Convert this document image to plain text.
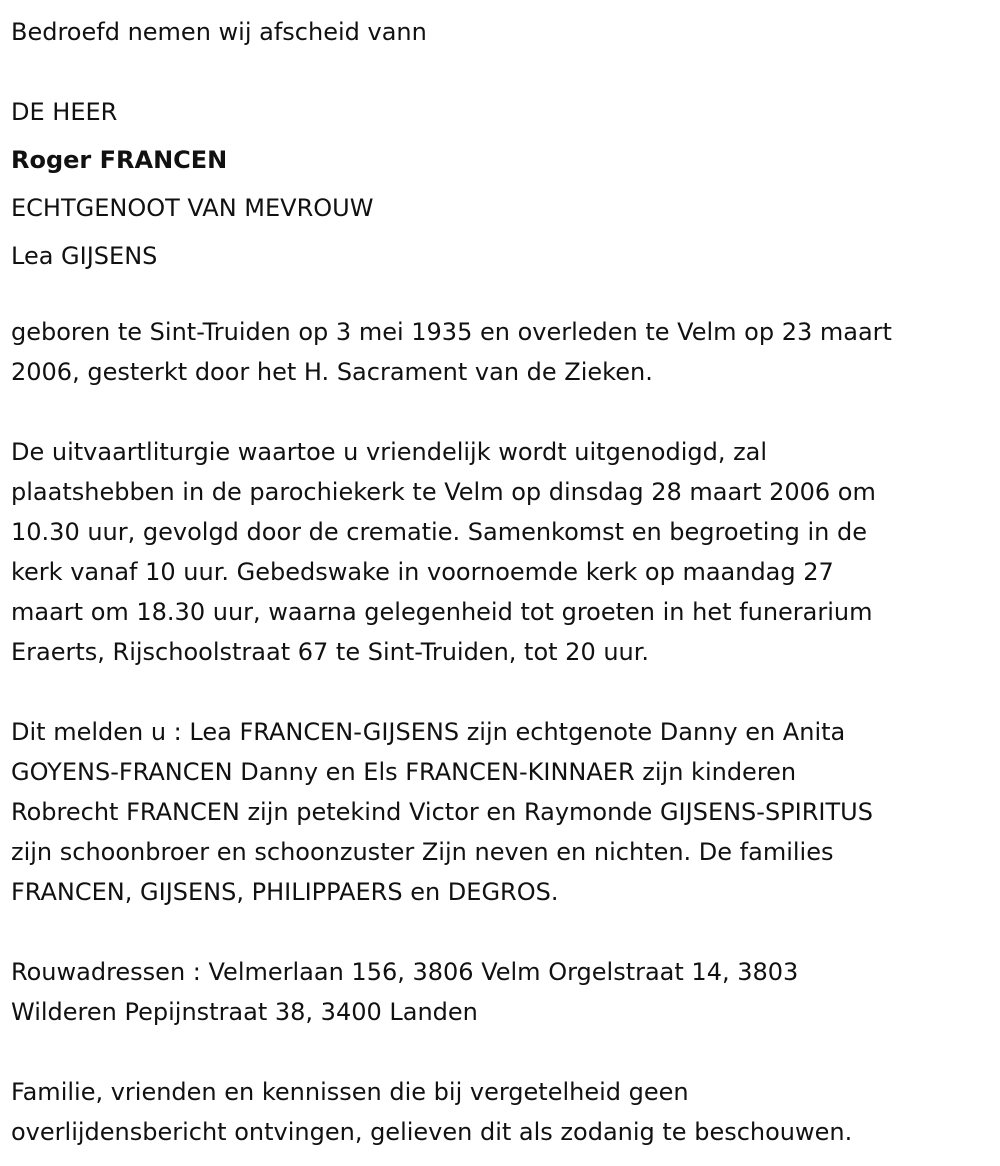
Bedroefd nemen wij afscheid vann

DE HEER

Roger FRANCEN

ECHTGENOOT VAN MEVROUW

Lea GIJSENS

geboren te Sint-Truiden op 3 mei 1935 en overleden te Velm op 23 maart

2006, gesterkt door het H. Sacrament van de Zieken.

De uitvaartliturgie waartoe u vriendelijk wordt uitgenodigd, zal

plaatshebben in de parochiekerk te Velm op dinsdag 28 maart 2006 om

10.30 uur, gevolgd door de crematie. Samenkomst en begroeting in de

kerk vanaf 10 uur. Gebedswake in voornoemde kerk op maandag 27

maart om 18.30 uur, waarna gelegenheid tot groeten in het funerarium

Eraerts, Rijschoolstraat 67 te Sint-Truiden, tot 20 uur.

Dit melden u : Lea FRANCEN-GIJSENS zijn echtgenote Danny en Anita

GOYENS-FRANCEN Danny en Els FRANCEN-KINNAER zijn kinderen

Robrecht FRANCEN zijn petekind Victor en Raymonde GIJSENS-SPIRITUS

zijn schoonbroer en schoonzuster Zijn neven en nichten. De families

FRANCEN, GIJSENS, PHILIPPAERS en DEGROS.

Rouwadressen : Velmerlaan 156, 3806 Velm Orgelstraat 14, 3803

Wilderen Pepijnstraat 38, 3400 Landen

Familie, vrienden en kennissen die bij vergetelheid geen

overlijdensbericht ontvingen, gelieven dit als zodanig te beschouwen.
